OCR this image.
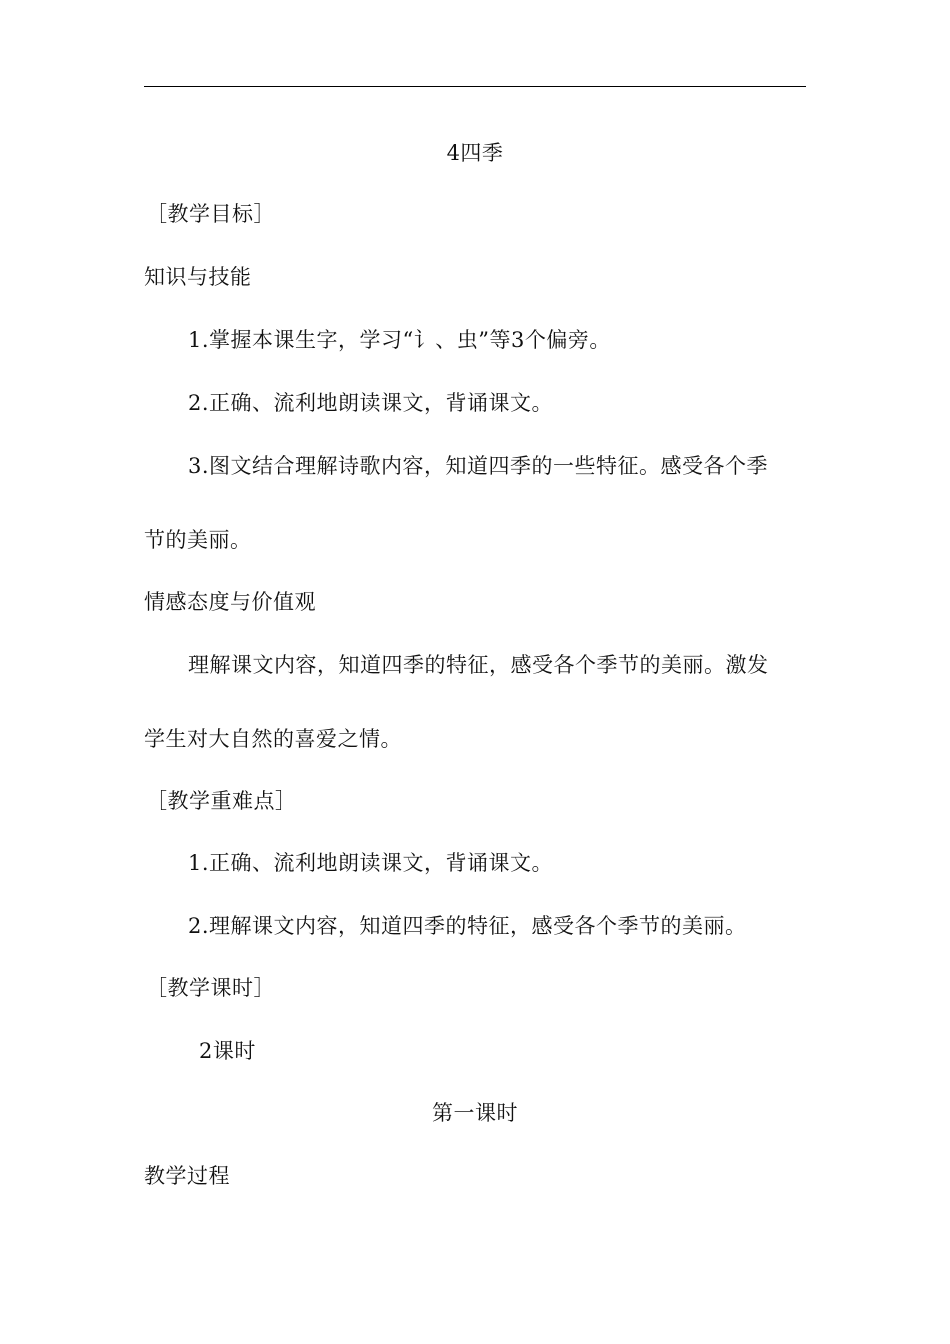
4四季
［教学目标］
知识与技能
1.掌握本课生字，学习“讠、虫”等3个偏旁。
2.正确、流利地朗读课文，背诵课文。
3.图文结合理解诗歌内容，知道四季的一些特征。感受各个季
节的美丽。
情感态度与价值观
理解课文内容，知道四季的特征，感受各个季节的美丽。激发
学生对大自然的喜爱之情。
［教学重难点］
1.正确、流利地朗读课文，背诵课文。
2.理解课文内容，知道四季的特征，感受各个季节的美丽。
［教学课时］
2课时
第一课时
教学过程
